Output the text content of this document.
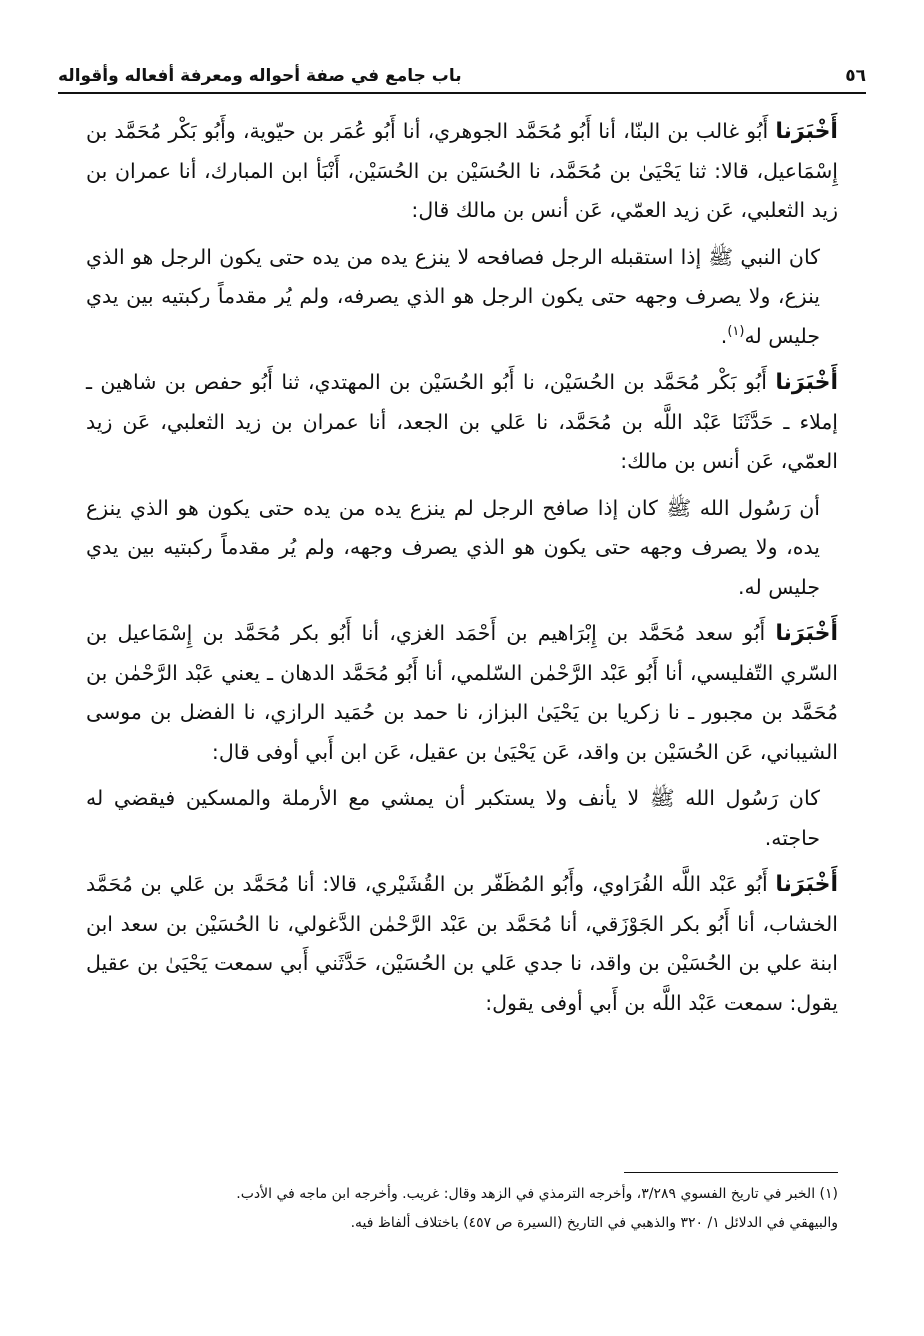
٥٦
باب جامع في صفة أحواله ومعرفة أفعاله وأقواله

أَخْبَرَنا أَبُو غالب بن البنّا، أنا أَبُو مُحَمَّد الجوهري، أنا أَبُو عُمَر بن حيّوية، وأَبُو بَكْر مُحَمَّد بن إِسْمَاعيل، قالا: ثنا يَحْيَىٰ بن مُحَمَّد، نا الحُسَيْن بن الحُسَيْن، أَنْبَأ ابن المبارك، أنا عمران بن زيد الثعلبي، عَن زيد العمّي، عَن أنس بن مالك قال:

كان النبي ﷺ إذا استقبله الرجل فصافحه لا ينزع يده من يده حتى يكون الرجل هو الذي ينزع، ولا يصرف وجهه حتى يكون الرجل هو الذي يصرفه، ولم يُر مقدماً ركبتيه بين يدي جليس له$^{(١)}$.

أَخْبَرَنا أَبُو بَكْر مُحَمَّد بن الحُسَيْن، نا أَبُو الحُسَيْن بن المهتدي، ثنا أَبُو حفص بن شاهين ـ إملاء ـ حَدَّثَنَا عَبْد اللَّه بن مُحَمَّد، نا عَلي بن الجعد، أنا عمران بن زيد الثعلبي، عَن زيد العمّي، عَن أنس بن مالك:

أن رَسُول الله ﷺ كان إذا صافح الرجل لم ينزع يده من يده حتى يكون هو الذي ينزع يده، ولا يصرف وجهه حتى يكون هو الذي يصرف وجهه، ولم يُر مقدماً ركبتيه بين يدي جليس له.

أَخْبَرَنا أَبُو سعد مُحَمَّد بن إِبْرَاهيم بن أَحْمَد الغزي، أنا أَبُو بكر مُحَمَّد بن إِسْمَاعيل بن السّري التّفليسي، أنا أَبُو عَبْد الرَّحْمٰن السّلمي، أنا أَبُو مُحَمَّد الدهان ـ يعني عَبْد الرَّحْمٰن بن مُحَمَّد بن مجبور ـ نا زكريا بن يَحْيَىٰ البزاز، نا حمد بن حُمَيد الرازي، نا الفضل بن موسى الشيباني، عَن الحُسَيْن بن واقد، عَن يَحْيَىٰ بن عقيل، عَن ابن أَبي أوفى قال:

كان رَسُول الله ﷺ لا يأنف ولا يستكبر أن يمشي مع الأرملة والمسكين فيقضي له حاجته.

أَخْبَرَنا أَبُو عَبْد اللَّه الفُرَاوي، وأَبُو المُظَفّر بن القُشَيْري، قالا: أنا مُحَمَّد بن عَلي بن مُحَمَّد الخشاب، أنا أَبُو بكر الجَوْزَقي، أنا مُحَمَّد بن عَبْد الرَّحْمٰن الدَّغولي، نا الحُسَيْن بن سعد ابن ابنة علي بن الحُسَيْن بن واقد، نا جدي عَلي بن الحُسَيْن، حَدَّثَني أَبي سمعت يَحْيَىٰ بن عقيل يقول: سمعت عَبْد اللَّه بن أَبي أوفى يقول:

(١) الخبر في تاريخ الفسوي ٣/٢٨٩، وأخرجه الترمذي في الزهد وقال: غريب. وأخرجه ابن ماجه في الأدب.

والبيهقي في الدلائل ١/ ٣٢٠ والذهبي في التاريخ (السيرة ص ٤٥٧) باختلاف ألفاظ فيه.
